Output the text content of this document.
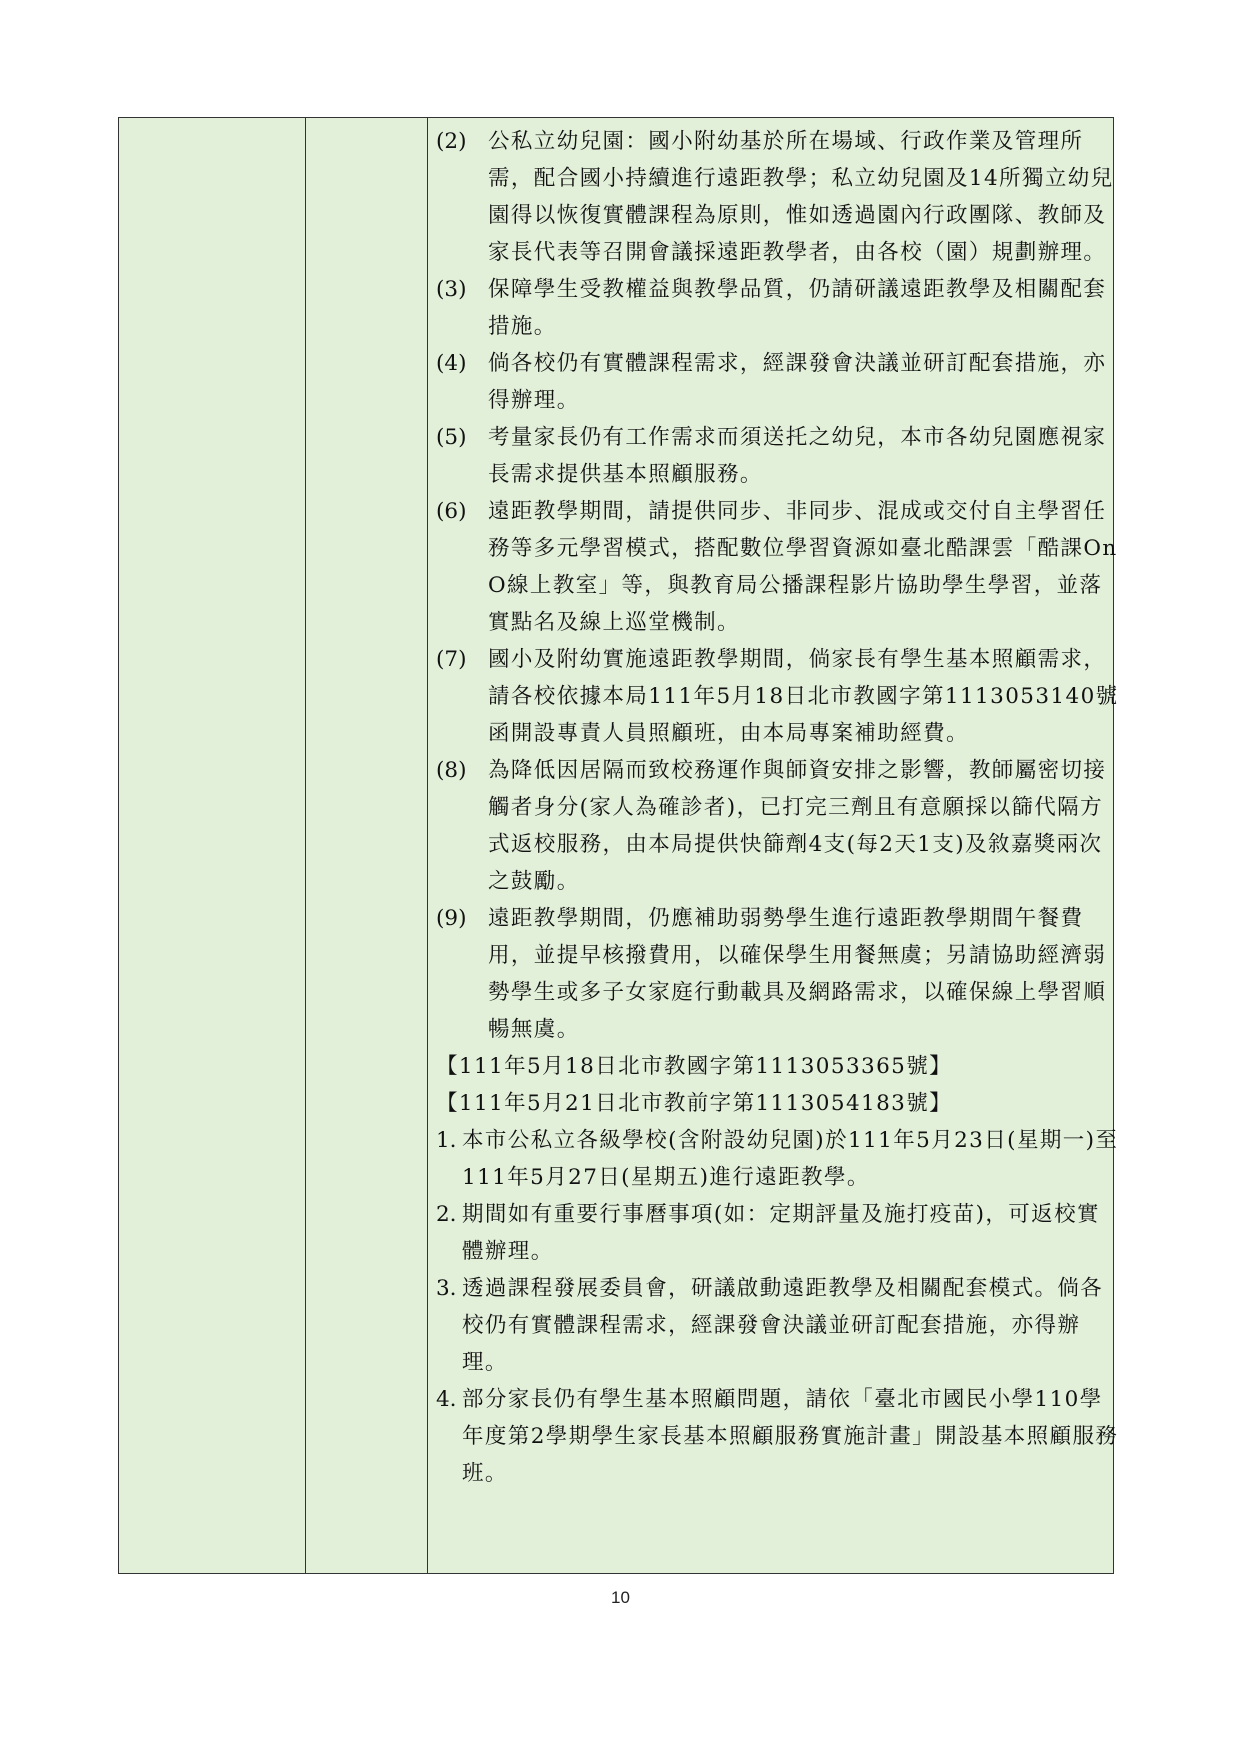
(2) 公私立幼兒園：國小附幼基於所在場域、行政作業及管理所需，配合國小持續進行遠距教學；私立幼兒園及14所獨立幼兒園得以恢復實體課程為原則，惟如透過園內行政團隊、教師及家長代表等召開會議採遠距教學者，由各校（園）規劃辦理。
(3) 保障學生受教權益與教學品質，仍請研議遠距教學及相關配套措施。
(4) 倘各校仍有實體課程需求，經課發會決議並研訂配套措施，亦得辦理。
(5) 考量家長仍有工作需求而須送托之幼兒，本市各幼兒園應視家長需求提供基本照顧服務。
(6) 遠距教學期間，請提供同步、非同步、混成或交付自主學習任務等多元學習模式，搭配數位學習資源如臺北酷課雲「酷課OnO線上教室」等，與教育局公播課程影片協助學生學習，並落實點名及線上巡堂機制。
(7) 國小及附幼實施遠距教學期間，倘家長有學生基本照顧需求， 請各校依據本局111年5月18日北市教國字第1113053140號函開設專責人員照顧班，由本局專案補助經費。
(8) 為降低因居隔而致校務運作與師資安排之影響，教師屬密切接觸者身分(家人為確診者)，已打完三劑且有意願採以篩代隔方式返校服務，由本局提供快篩劑4支(每2天1支)及敘嘉獎兩次之鼓勵。
(9) 遠距教學期間，仍應補助弱勢學生進行遠距教學期間午餐費用，並提早核撥費用，以確保學生用餐無虞；另請協助經濟弱勢學生或多子女家庭行動載具及網路需求，以確保線上學習順暢無虞。
【111年5月18日北市教國字第1113053365號】
【111年5月21日北市教前字第1113054183號】
1. 本市公私立各級學校(含附設幼兒園)於111年5月23日(星期一)至111年5月27日(星期五)進行遠距教學。
2. 期間如有重要行事曆事項(如：定期評量及施打疫苗)，可返校實體辦理。
3. 透過課程發展委員會，研議啟動遠距教學及相關配套模式。倘各校仍有實體課程需求，經課發會決議並研訂配套措施，亦得辦理。
4. 部分家長仍有學生基本照顧問題，請依「臺北市國民小學110學年度第2學期學生家長基本照顧服務實施計畫」開設基本照顧服務班。
10
